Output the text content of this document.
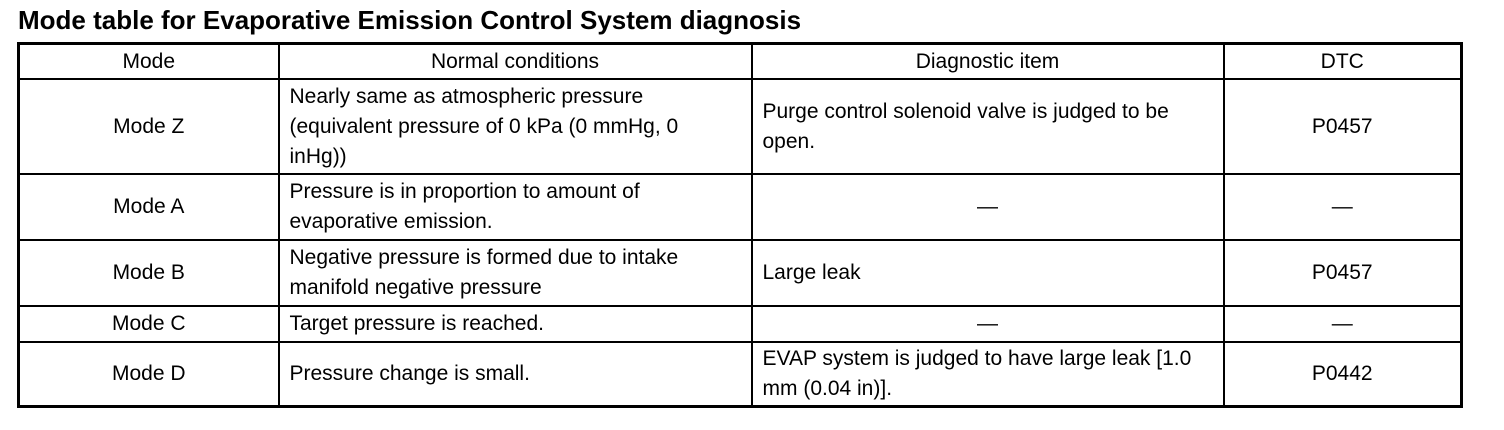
Mode table for Evaporative Emission Control System diagnosis
Mode	Normal conditions	Diagnostic item	DTC
Mode Z	Nearly same as atmospheric pressure (equivalent pressure of 0 kPa (0 mmHg, 0 inHg))	Purge control solenoid valve is judged to be open.	P0457
Mode A	Pressure is in proportion to amount of evaporative emission.	—	—
Mode B	Negative pressure is formed due to intake manifold negative pressure	Large leak	P0457
Mode C	Target pressure is reached.	—	—
Mode D	Pressure change is small.	EVAP system is judged to have large leak [1.0 mm (0.04 in)].	P0442
